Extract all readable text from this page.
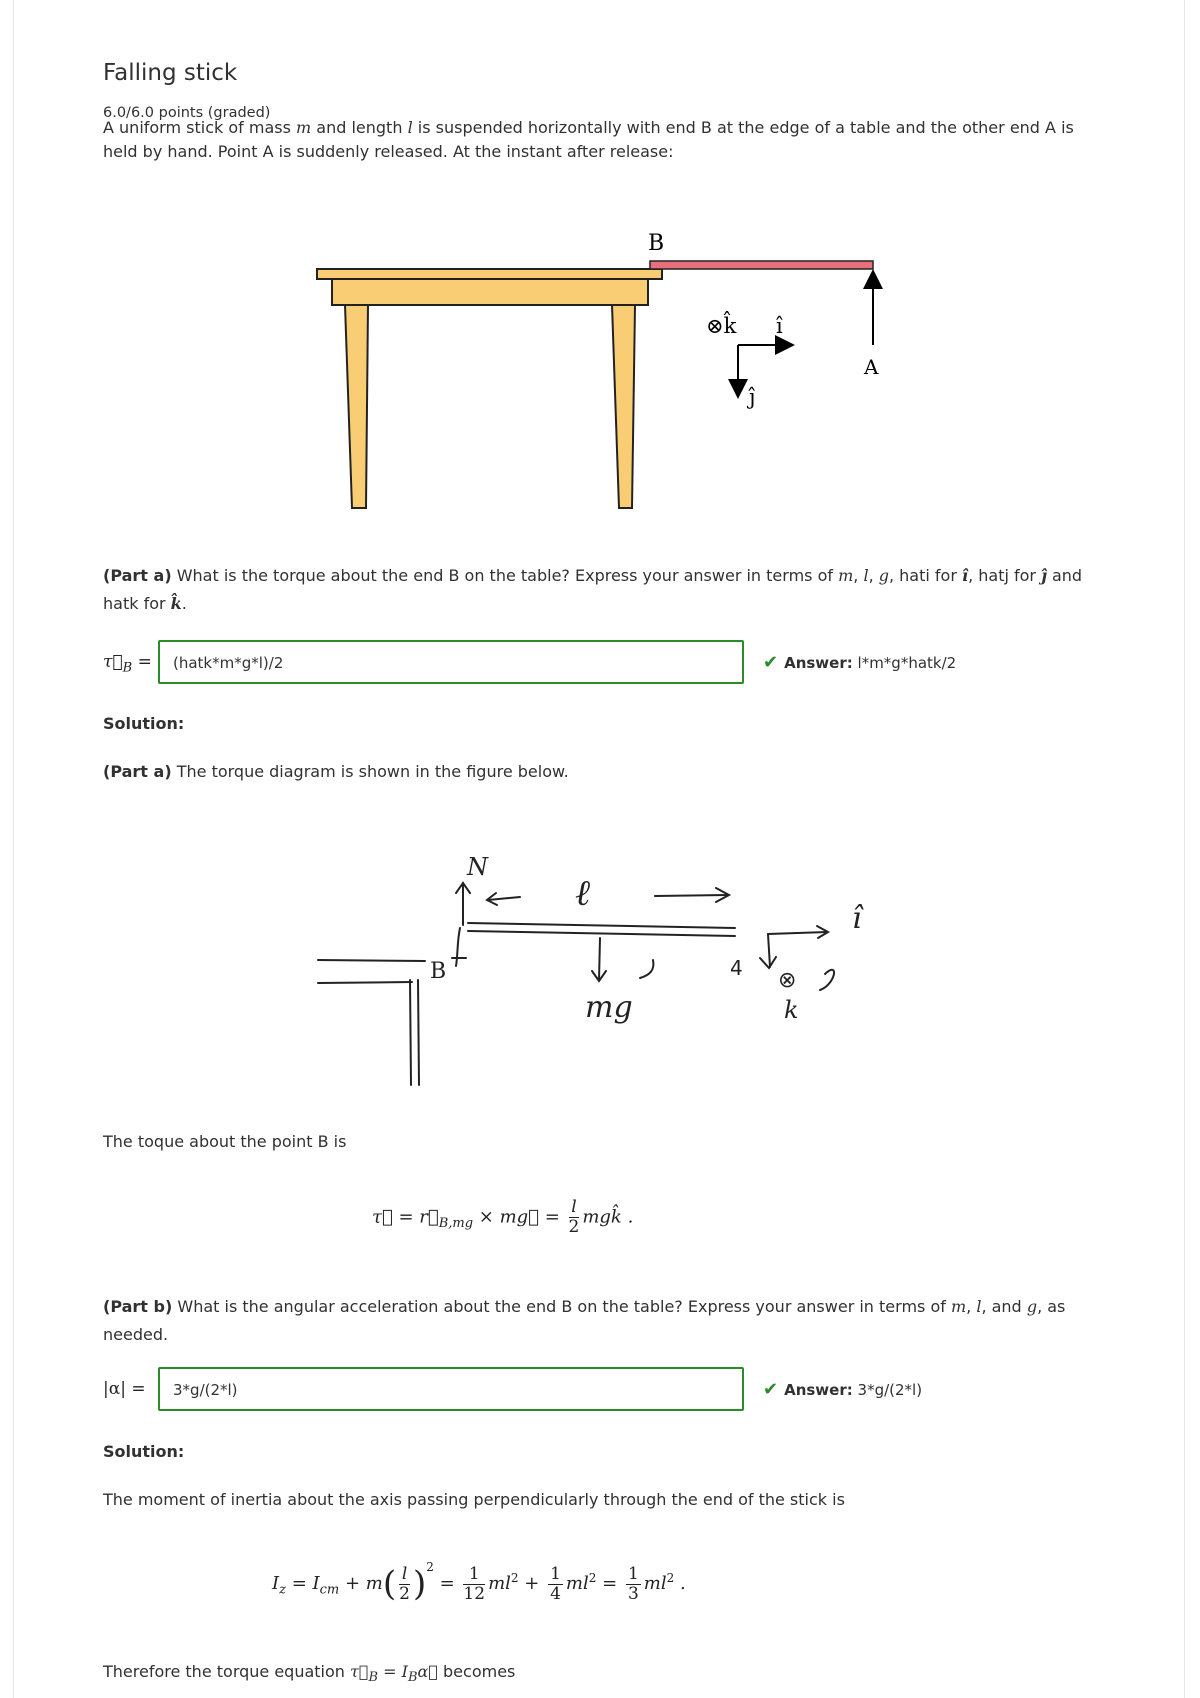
Falling stick
6.0/6.0 points (graded)
A uniform stick of mass m and length l is suspended horizontally with end B at the edge of a table and the other end A is
held by hand. Point A is suddenly released. At the instant after release:
B
A
⊗k̂ î
ĵ
(Part a) What is the torque about the end B on the table? Express your answer in terms of m, l, g, hati for î, hatj for ĵ and
hatk for k̂.
$\tau⃗_B$ =	(hatk*m*g*l)/2	✔ Answer: l*m*g*hatk/2
Solution:
(Part a) The torque diagram is shown in the figure below.
N
ℓ
mg
B	4
î
⊗
k
The toque about the point B is
τ⃗ = $r⃗_{B,mg}$ × mg⃗ = $\frac{l}{2}$ mgk̂ .
(Part b) What is the angular acceleration about the end B on the table? Express your answer in terms of m, l, and g, as
needed.
|α| =	3*g/(2*l)	✔ Answer: 3*g/(2*l)
Solution:
The moment of inertia about the axis passing perpendicularly through the end of the stick is
$I_z = I_{cm} + m( \frac{l}{2} )^2 = \frac{1}{12} ml^2 + \frac{1}{4} ml^2 = \frac{1}{3} ml^2$ .
Therefore the torque equation $\tau⃗_B$ = $I_B\alpha⃗$ becomes
